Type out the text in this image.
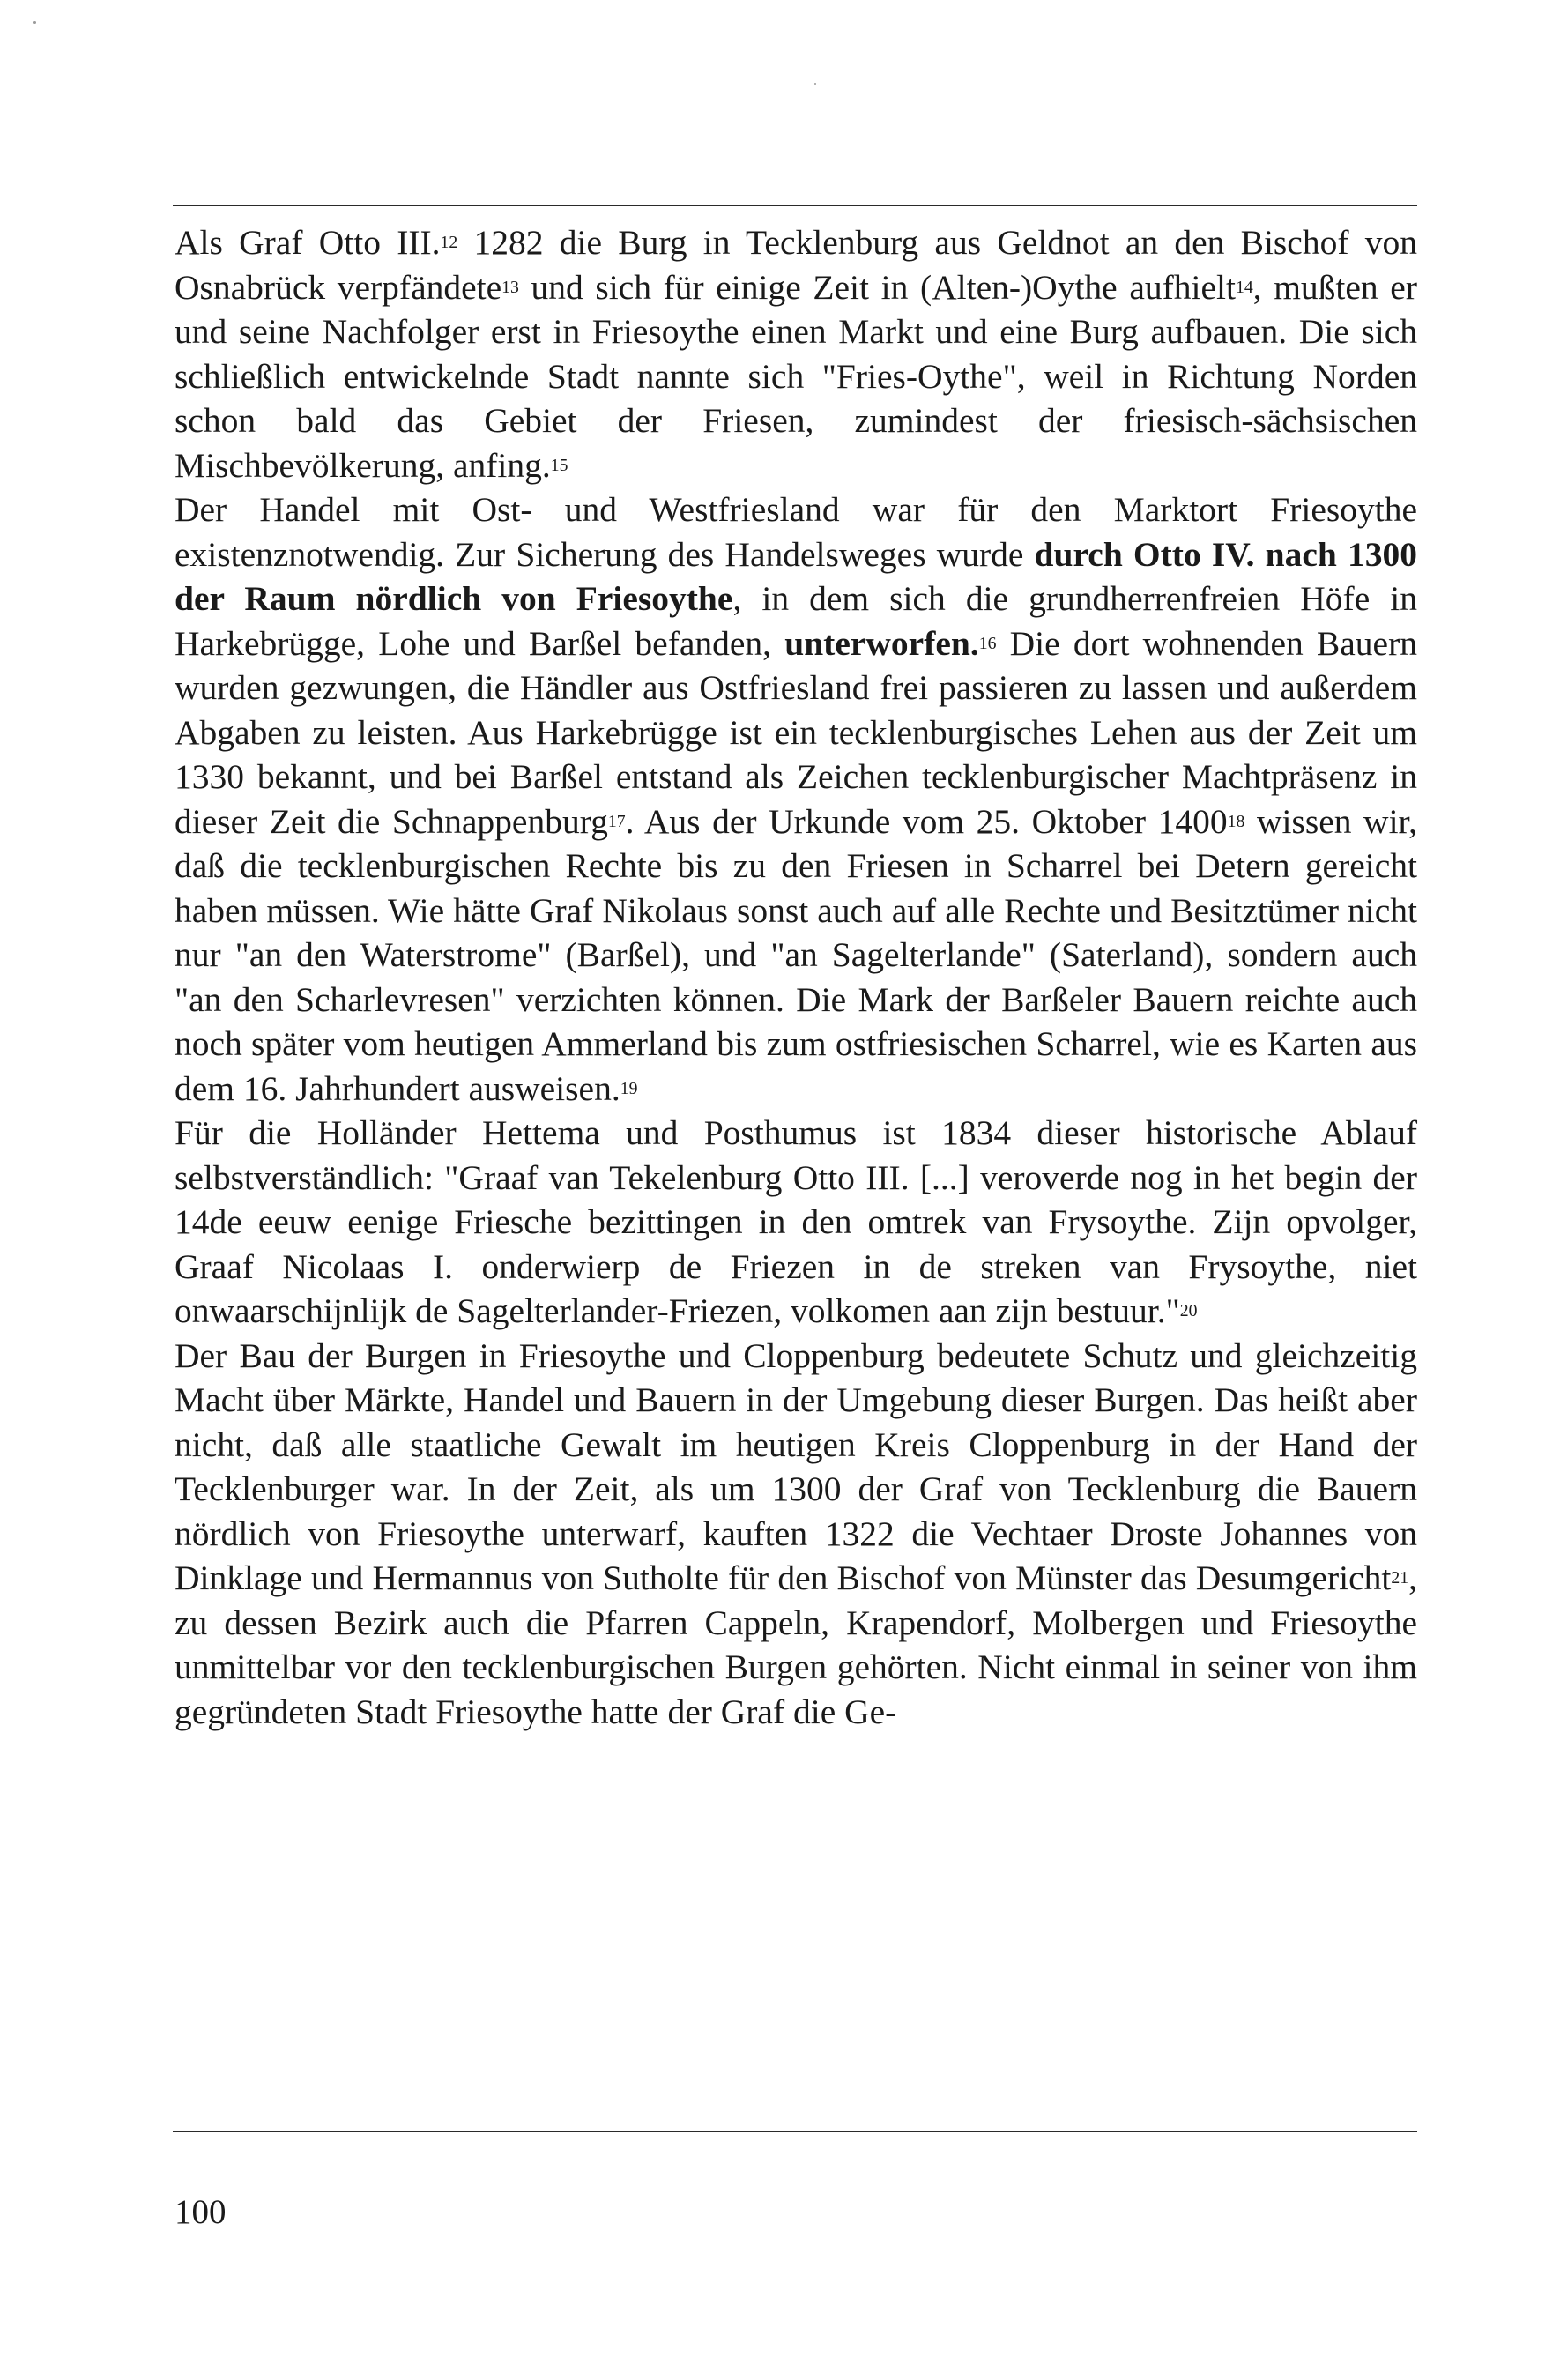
Als Graf Otto III.$^{12}$ 1282 die Burg in Tecklenburg aus Geldnot an den Bischof von Osnabrück verpfändete$^{13}$ und sich für einige Zeit in (Alten-)Oythe aufhielt$^{14}$, mußten er und seine Nachfolger erst in Friesoythe einen Markt und eine Burg aufbauen. Die sich schließlich entwickelnde Stadt nannte sich "Fries-Oythe", weil in Richtung Norden schon bald das Gebiet der Friesen, zumindest der friesisch-sächsischen Mischbevölkerung, anfing.$^{15}$

Der Handel mit Ost- und Westfriesland war für den Marktort Friesoythe existenznotwendig. Zur Sicherung des Handelsweges wurde durch Otto IV. nach 1300 der Raum nördlich von Friesoythe, in dem sich die grundherrenfreien Höfe in Harkebrügge, Lohe und Barßel befanden, unterworfen.$^{16}$ Die dort wohnenden Bauern wurden gezwungen, die Händler aus Ostfriesland frei passieren zu lassen und außerdem Abgaben zu leisten. Aus Harkebrügge ist ein tecklenburgisches Lehen aus der Zeit um 1330 bekannt, und bei Barßel entstand als Zeichen tecklenburgischer Machtpräsenz in dieser Zeit die Schnappenburg$^{17}$. Aus der Urkunde vom 25. Oktober 1400$^{18}$ wissen wir, daß die tecklenburgischen Rechte bis zu den Friesen in Scharrel bei Detern gereicht haben müssen. Wie hätte Graf Nikolaus sonst auch auf alle Rechte und Besitztümer nicht nur "an den Waterstrome" (Barßel), und "an Sagelterlande" (Saterland), sondern auch "an den Scharlevresen" verzichten können. Die Mark der Barßeler Bauern reichte auch noch später vom heutigen Ammerland bis zum ostfriesischen Scharrel, wie es Karten aus dem 16. Jahrhundert ausweisen.$^{19}$

Für die Holländer Hettema und Posthumus ist 1834 dieser historische Ablauf selbstverständlich: "Graaf van Tekelenburg Otto III. [...] veroverde nog in het begin der 14de eeuw eenige Friesche bezittingen in den omtrek van Frysoythe. Zijn opvolger, Graaf Nicolaas I. onderwierp de Friezen in de streken van Frysoythe, niet onwaarschijnlijk de Sagelterlander-Friezen, volkomen aan zijn bestuur."$^{20}$

Der Bau der Burgen in Friesoythe und Cloppenburg bedeutete Schutz und gleichzeitig Macht über Märkte, Handel und Bauern in der Umgebung dieser Burgen. Das heißt aber nicht, daß alle staatliche Gewalt im heutigen Kreis Cloppenburg in der Hand der Tecklenburger war. In der Zeit, als um 1300 der Graf von Tecklenburg die Bauern nördlich von Friesoythe unterwarf, kauften 1322 die Vechtaer Droste Johannes von Dinklage und Hermannus von Sutholte für den Bischof von Münster das Desumgericht$^{21}$, zu dessen Bezirk auch die Pfarren Cappeln, Krapendorf, Molbergen und Friesoythe unmittelbar vor den tecklenburgischen Burgen gehörten. Nicht einmal in seiner von ihm gegründeten Stadt Friesoythe hatte der Graf die Ge-

100
